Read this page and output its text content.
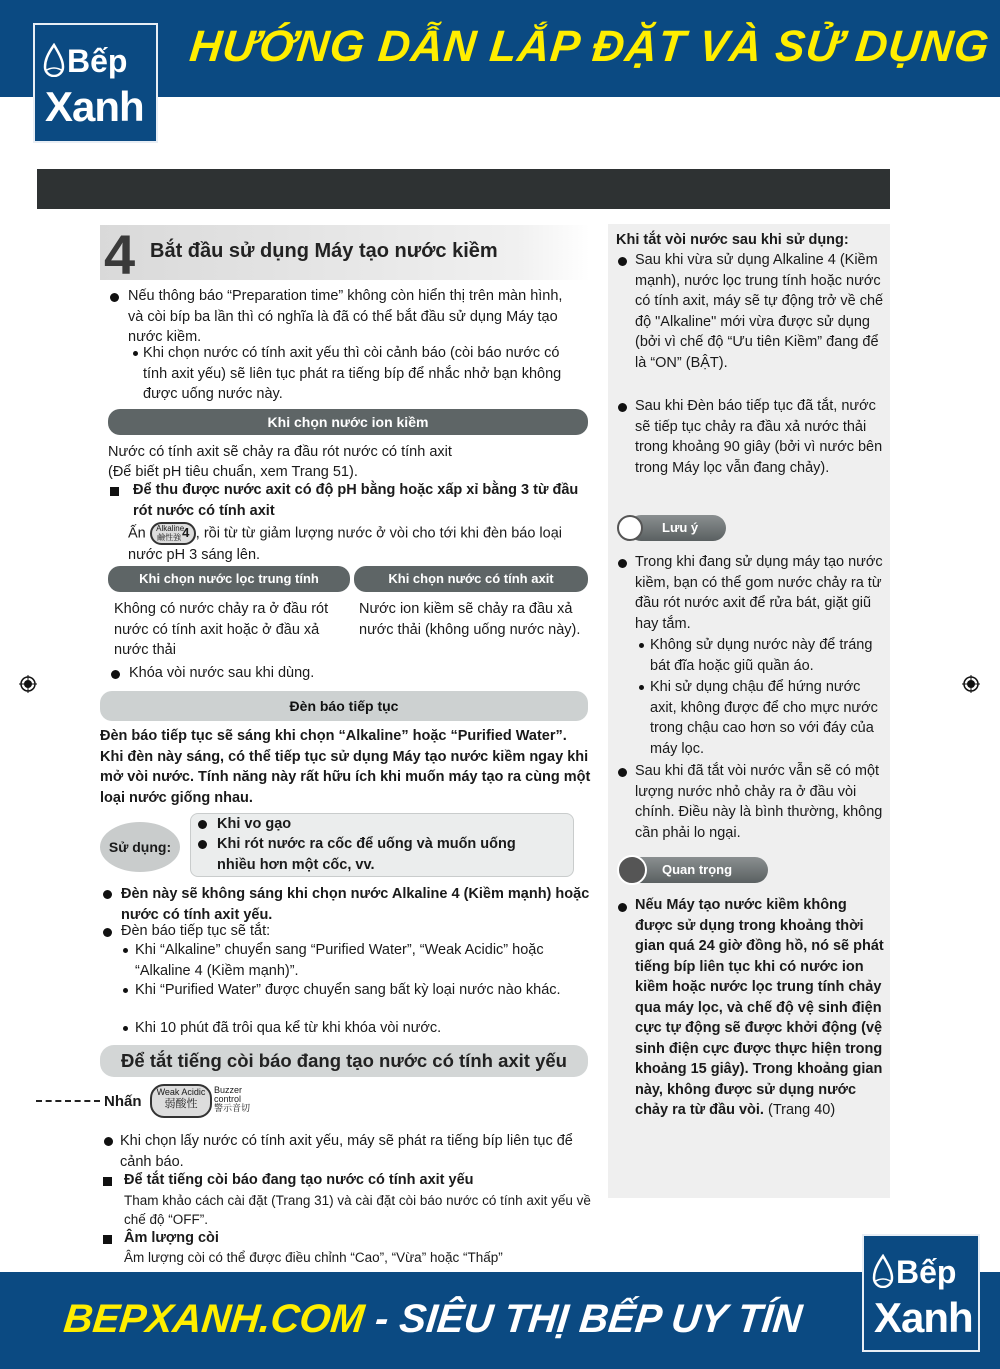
HƯỚNG DẪN LẮP ĐẶT VÀ SỬ DỤNG
Bếp
Xanh
4 Bắt đầu sử dụng Máy tạo nước kiềm
Nếu thông báo “Preparation time” không còn hiển thị trên màn hình, và còi bíp ba lần thì có nghĩa là đã có thể bắt đầu sử dụng Máy tạo nước kiềm.
Khi chọn nước có tính axit yếu thì còi cảnh báo (còi báo nước có tính axit yếu) sẽ liên tục phát ra tiếng bíp để nhắc nhở bạn không được uống nước này.
Khi chọn nước ion kiềm
Nước có tính axit sẽ chảy ra đầu rót nước có tính axit
(Để biết pH tiêu chuẩn, xem Trang 51).
Để thu được nước axit có độ pH bằng hoặc xấp xỉ bằng 3 từ đầu rót nước có tính axit
Ấn Alkaline
鹼性強4 , rồi từ từ giảm lượng nước ở vòi cho tới khi đèn báo loại nước pH 3 sáng lên.
Khi chọn nước lọc trung tính	Khi chọn nước có tính axit
Không có nước chảy ra ở đầu rót nước có tính axit hoặc ở đầu xả nước thải
Nước ion kiềm sẽ chảy ra đầu xả nước thải (không uống nước này).
Khóa vòi nước sau khi dùng.
Đèn báo tiếp tục
Đèn báo tiếp tục sẽ sáng khi chọn “Alkaline” hoặc “Purified Water”. Khi đèn này sáng, có thể tiếp tục sử dụng Máy tạo nước kiềm ngay khi mở vòi nước. Tính năng này rất hữu ích khi muốn máy tạo ra cùng một loại nước giống nhau.
Sử dụng:
Khi vo gạo
Khi rót nước ra cốc để uống và muốn uống nhiều hơn một cốc, vv.
Đèn này sẽ không sáng khi chọn nước Alkaline 4 (Kiềm mạnh) hoặc nước có tính axit yếu.
Đèn báo tiếp tục sẽ tắt:
Khi “Alkaline” chuyển sang “Purified Water”, “Weak Acidic” hoặc “Alkaline 4 (Kiềm mạnh)”.
Khi “Purified Water” được chuyển sang bất kỳ loại nước nào khác.
Khi 10 phút đã trôi qua kể từ khi khóa vòi nước.
Để tắt tiếng còi báo đang tạo nước có tính axit yếu
Nhấn
Weak Acidic
弱酸性
Buzzer
control
警示音切
Khi chọn lấy nước có tính axit yếu, máy sẽ phát ra tiếng bíp liên tục để cảnh báo.
Để tắt tiếng còi báo đang tạo nước có tính axit yếu
Tham khảo cách cài đặt (Trang 31) và cài đặt còi báo nước có tính axit yếu về chế độ “OFF”.
Âm lượng còi
Âm lượng còi có thể được điều chỉnh “Cao”, “Vừa” hoặc “Thấp”
Khi tắt vòi nước sau khi sử dụng:
Sau khi vừa sử dụng Alkaline 4 (Kiềm mạnh), nước lọc trung tính hoặc nước có tính axit, máy sẽ tự động trở về chế độ "Alkaline" mới vừa được sử dụng (bởi vì chế độ “Ưu tiên Kiềm” đang để là “ON” (BẬT).
Sau khi Đèn báo tiếp tục đã tắt, nước sẽ tiếp tục chảy ra đầu xả nước thải trong khoảng 90 giây (bởi vì nước bên trong Máy lọc vẫn đang chảy).
Lưu ý
Trong khi đang sử dụng máy tạo nước kiềm, bạn có thể gom nước chảy ra từ đầu rót nước axit để rửa bát, giặt giũ hay tắm.
Không sử dụng nước này để tráng bát đĩa hoặc giũ quần áo.
Khi sử dụng chậu để hứng nước axit, không được để cho mực nước trong chậu cao hơn so với đáy của máy lọc.
Sau khi đã tắt vòi nước vẫn sẽ có một lượng nước nhỏ chảy ra ở đầu vòi chính. Điều này là bình thường, không cần phải lo ngại.
Quan trọng
Nếu Máy tạo nước kiềm không được sử dụng trong khoảng thời gian quá 24 giờ đồng hồ, nó sẽ phát tiếng bíp liên tục khi có nước ion kiềm hoặc nước lọc trung tính chảy qua máy lọc, và chế độ vệ sinh điện cực tự động sẽ được khởi động (vệ sinh điện cực được thực hiện trong khoảng 15 giây). Trong khoảng gian này, không được sử dụng nước chảy ra từ đầu vòi. (Trang 40)
BEPXANH.COM - SIÊU THỊ BẾP UY TÍN
Bếp
Xanh
